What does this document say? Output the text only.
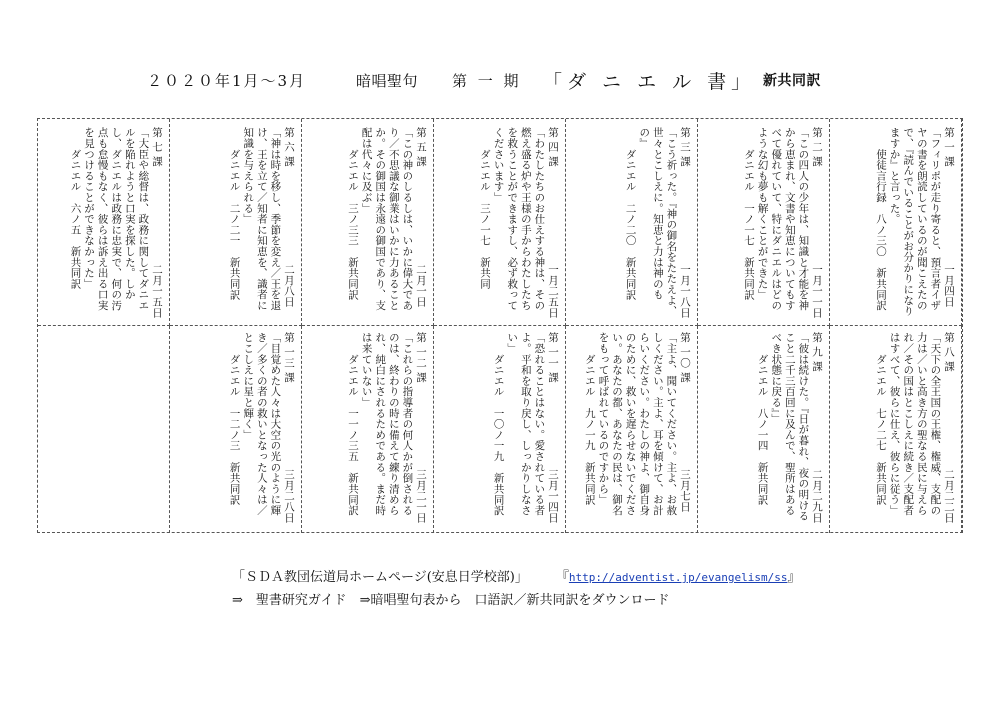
２０２０年1月～3月	暗唱聖句 第 一 期 「ダ ニ エ ル 書」 新共同訳
第 一 課　　　　　　　　　一月四日
「フィリポが走り寄ると、預言者イザヤの書を朗読しているのが聞こえたので、『読んでいることがお分かりになりますか』と言った。
　　使徒言行録　八ノ三〇　新共同訳
第 二 課　　　　　　　　　一月一一日
「この四人の少年は、知識と才能を神から恵まれ、文書や知恵についてもすべて優れていて、特にダニエルはどのような幻も夢も解くことができた」
　　ダニエル　一ノ一七　新共同訳
第 三 課　　　　　　　　　一月一八日
「こう祈った。『神の御名をたたえよ、世々とこしえに。知恵と力は神のもの』
　　ダニエル　二ノ二〇　新共同訳
第 四 課　　　　　　　　　一月二五日
「わたしたちのお仕えする神は、その燃え盛る炉や王様の手からわたしたちを救うことができますし、必ず救ってくださいます」
　　ダニエル　三ノ一七　新共同
第 五 課　　　　　　　　　二月一日
「この神のしるしは、いかに偉大であり／不思議な御業はいかに力あることか。その御国は永遠の御国であり、支配は代々に及ぶ」
　　ダニエル　三ノ三三　新共同訳
第 六 課　　　　　　　　　二月八日
「神は時を移し、季節を変え／王を退け、王を立て／知者に知恵を、識者に知識を与えられる」
　　ダニエル　二ノ二一　新共同訳
第 七 課　　　　　　　　　二月一五日
「大臣や総督は、政務に関してダニエルを陥れようと口実を探した。しかし、ダニエルは政務に忠実で、何の汚点も怠慢もなく、彼らは訴え出る口実を見つけることができなかった」
　　ダニエル　六ノ五　新共同訳
第 八 課　　　　　　　　　二月二二日
「天下の全王国の王権、権威、支配の力は／いと高き方の聖なる民に与えられ／その国はとこしえに続き／支配者はすべて、彼らに仕え、彼らに従う」
　　ダニエル　七ノ二七　新共同訳
第 九 課　　　　　　　　　二月二九日
「彼は続けた。『日が暮れ、夜の明けること二千三百回に及んで、聖所はあるべき状態に戻る』」
　　ダニエル　八ノ一四　新共同訳
第 一〇 課　　　　　　　　三月七日
「主よ、聞いてください。主よ、お赦しください。主よ、耳を傾けて、お計らいください。わたしの神よ、御自身のために、救いを遅らせないでください。あなたの都、あなたの民は、御名をもって呼ばれているのですから」
　　ダニエル　九ノ一九　新共同訳
第 一一 課　　　　　　　　三月一四日
「恐れることはない。愛されている者よ。平和を取り戻し、しっかりしなさい」
　　ダニエル　一〇ノ一九　新共同訳
第 一二 課　　　　　　　　三月二一日
「これらの指導者の何人かが倒されるのは、終わりの時に備えて練り清められ、純白にされるためである。まだ時は来ていない」
　　ダニエル　一一ノ三五　新共同訳
第 一三 課　　　　　　　　三月二八日
「目覚めた人々は大空の光のように輝き／多くの者の救いとなった人々は／とこしえに星と輝く」
　　ダニエル　一二ノ三　新共同訳
「ＳＤＡ教団伝道局ホームページ(安息日学校部)」 『http://adventist.jp/evangelism/ss』
⇒　 聖書研究ガイド　 ⇒暗唱聖句表から　口語訳／新共同訳をダウンロード
